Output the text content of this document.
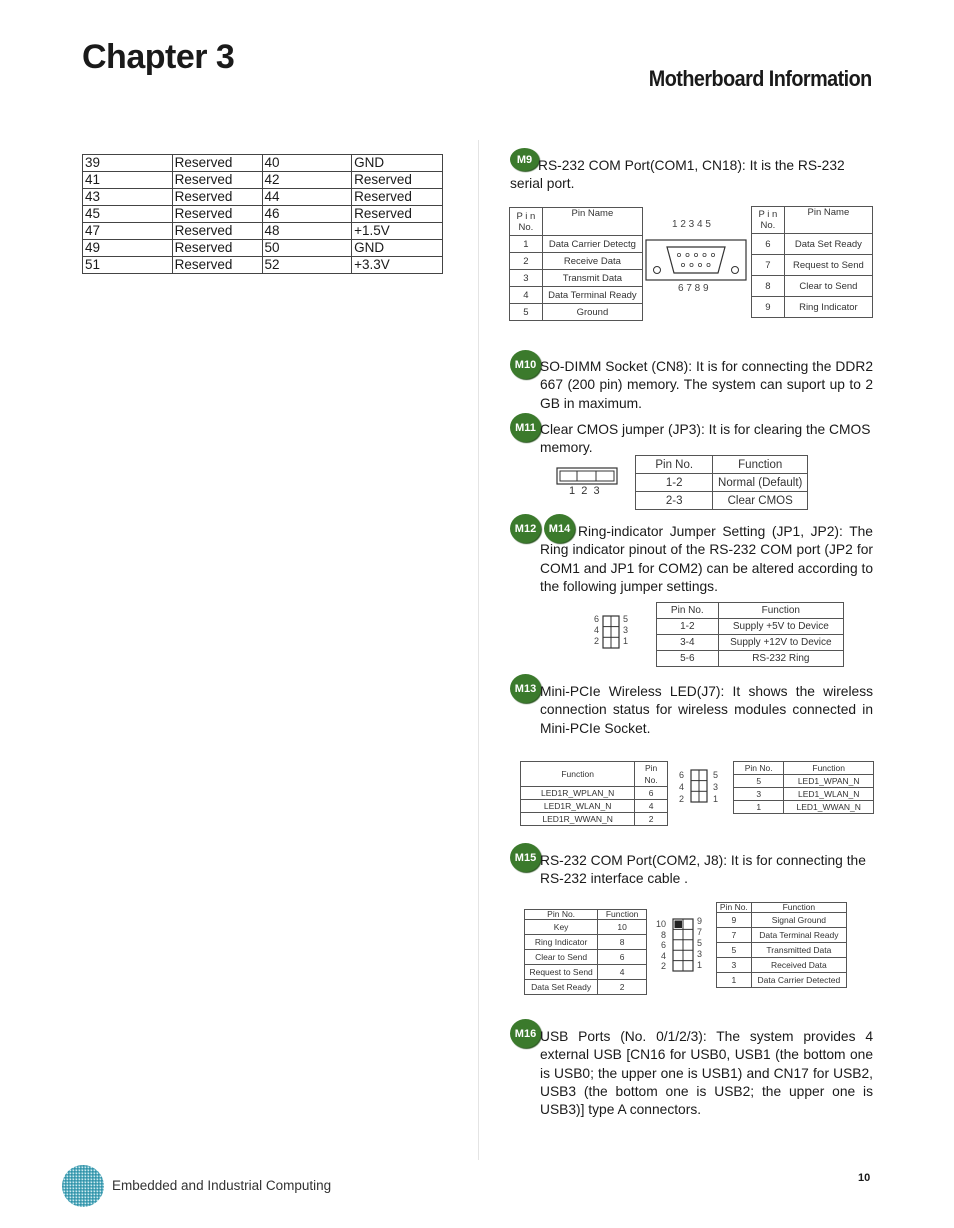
Chapter 3
Motherboard Information
39	Reserved	40	GND
41	Reserved	42	Reserved
43	Reserved	44	Reserved
45	Reserved	46	Reserved
47	Reserved	48	+1.5V
49	Reserved	50	GND
51	Reserved	52	+3.3V
M9 RS-232 COM Port(COM1, CN18): It is the RS-232 serial port.
P i n No.	Pin Name
1	Data Carrier Detectg
2	Receive Data
3	Transmit Data
4	Data Terminal Ready
5	Ground
1 2 3 4 5
6 7 8 9
P i n No.	Pin Name
6	Data Set Ready
7	Request to Send
8	Clear to Send
9	Ring Indicator
M10 SO-DIMM Socket (CN8): It is for connecting the DDR2 667 (200 pin) memory. The system can suport up to 2 GB in maximum.
M11 Clear CMOS jumper (JP3): It is for clearing the CMOS memory.
1  2  3
Pin No.	Function
1-2	Normal (Default)
2-3	Clear CMOS
M12	M14 Ring-indicator Jumper Setting (JP1, JP2): The Ring indicator pinout of the RS-232 COM port (JP2 for COM1 and JP1 for COM2) can be altered according to the following jumper settings.
6
4
2
5
3
1
Pin No.	Function
1-2	Supply +5V to Device
3-4	Supply +12V to Device
5-6	RS-232 Ring
M13 Mini-PCIe Wireless LED(J7): It shows the wireless connection status for wireless modules connected in Mini-PCIe Socket.
Function	Pin No.
LED1R_WPLAN_N	6
LED1R_WLAN_N	4
LED1R_WWAN_N	2
6
4
2
5
3
1
Pin No.	Function
5	LED1_WPAN_N
3	LED1_WLAN_N
1	LED1_WWAN_N
M15 RS-232 COM Port(COM2, J8): It is for connecting the RS-232 interface cable .
Pin No.	Function
Key	10
Ring Indicator	8
Clear to Send	6
Request to Send	4
Data Set Ready	2
10
8
6
4
2
9
7
5
3
1
Pin No.	Function
9	Signal Ground
7	Data Terminal Ready
5	Transmitted Data
3	Received Data
1	Data Carrier Detected
M16 USB Ports (No. 0/1/2/3): The system provides 4 external USB [CN16 for USB0, USB1 (the bottom one is USB0; the upper one is USB1) and CN17 for USB2, USB3 (the bottom one is USB2; the upper one is USB3)] type A connectors.
Embedded and Industrial Computing	10
